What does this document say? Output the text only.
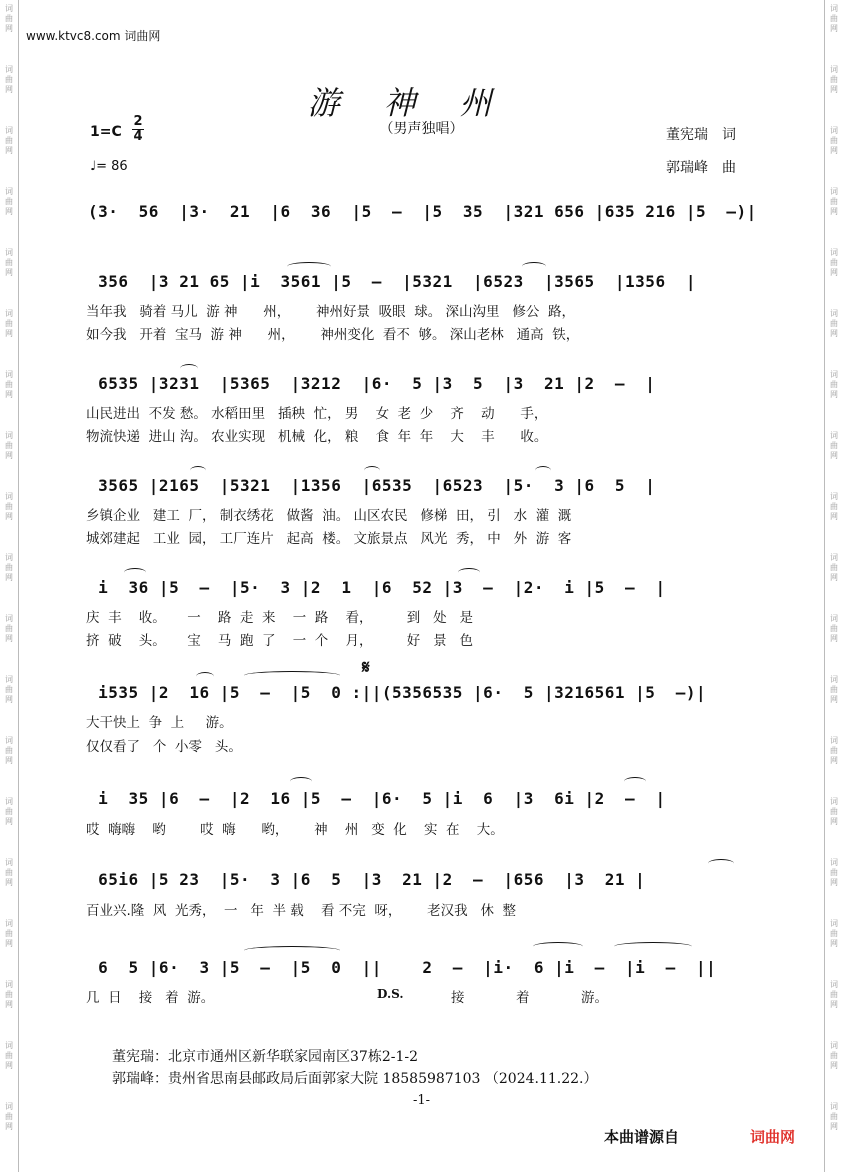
词
曲
网
词
曲
网
词
曲
网
词
曲
网
词
曲
网
词
曲
网
词
曲
网
词
曲
网
词
曲
网
词
曲
网
词
曲
网
词
曲
网
词
曲
网
词
曲
网
词
曲
网
词
曲
网
词
曲
网
词
曲
网
词
曲
网
词
曲
网
词
曲
网
词
曲
网
词
曲
网
词
曲
网
词
曲
网
词
曲
网
词
曲
网
词
曲
网
词
曲
网
词
曲
网
词
曲
网
词
曲
网
词
曲
网
词
曲
网
词
曲
网
词
曲
网
词
曲
网
词
曲
网
www.ktvc8.com 词曲网
游神州
（男声独唱）
1=C
2
4
♩= 86
董宪瑞　词
郭瑞峰　曲
(3·  56  |3·  21  |6  36  |5  –  |5  35  |321 656 |635 216 |5  –)|
356  |3 21 65 |i  3561 |5  –  |5321  |6523  |3565  |1356  |
6535 |3231  |5365  |3212  |6·  5 |3  5  |3  21 |2  –  |
3565 |2165  |5321  |1356  |6535  |6523  |5·  3 |6  5  |
i  36 |5  –  |5·  3 |2  1  |6  52 |3  –  |2·  i |5  –  |
i535 |2  16 |5  –  |5  0 :||(5356535 |6·  5 |3216561 |5  –)|
i  35 |6  –  |2  16 |5  –  |6·  5 |i  6  |3  6i |2  –  |
65i6 |5 23  |5·  3 |6  5  |3  21 |2  –  |656  |3  21 |
6  5 |6·  3 |5  –  |5  0  ||    2  –  |i·  6 |i  –  |i  –  ||
𝄋
当年我   骑着 马儿  游 神      州，      神州好景  吸眼  球。 深山沟里   修公  路，
如今我   开着  宝马  游 神      州，      神州变化  看不  够。 深山老林   通高  铁，
山民进出  不发 愁。 水稻田里   插秧  忙， 男    女  老  少    齐    动      手，
物流快递  进山 沟。 农业实现   机械  化， 粮    食  年  年    大    丰      收。
乡镇企业   建工  厂， 制衣绣花   做酱  油。 山区农民   修梯  田， 引   水  灌  溉
城郊建起   工业  园， 工厂连片   起高  楼。 文旅景点   风光  秀， 中   外  游  客
庆  丰    收。     一    路  走  来    一  路    看，        到   处   是
挤  破    头。     宝    马  跑  了    一  个    月，        好   景   色
大干快上  争  上     游。
仅仅看了   个  小零   头。
哎  嗨嗨    哟        哎  嗨      哟，      神    州   变  化    实  在    大。
百业兴.隆  风  光秀，  一   年  半 载    看 不完  呀，      老汉我   休  整
几  日    接   着  游。	D.S.	接            着            游。
董宪瑞：北京市通州区新华联家园南区37栋2-1-2
郭瑞峰：贵州省思南县邮政局后面郭家大院 18585987103 （2024.11.22.）
-1-
本曲谱源自	词曲网
